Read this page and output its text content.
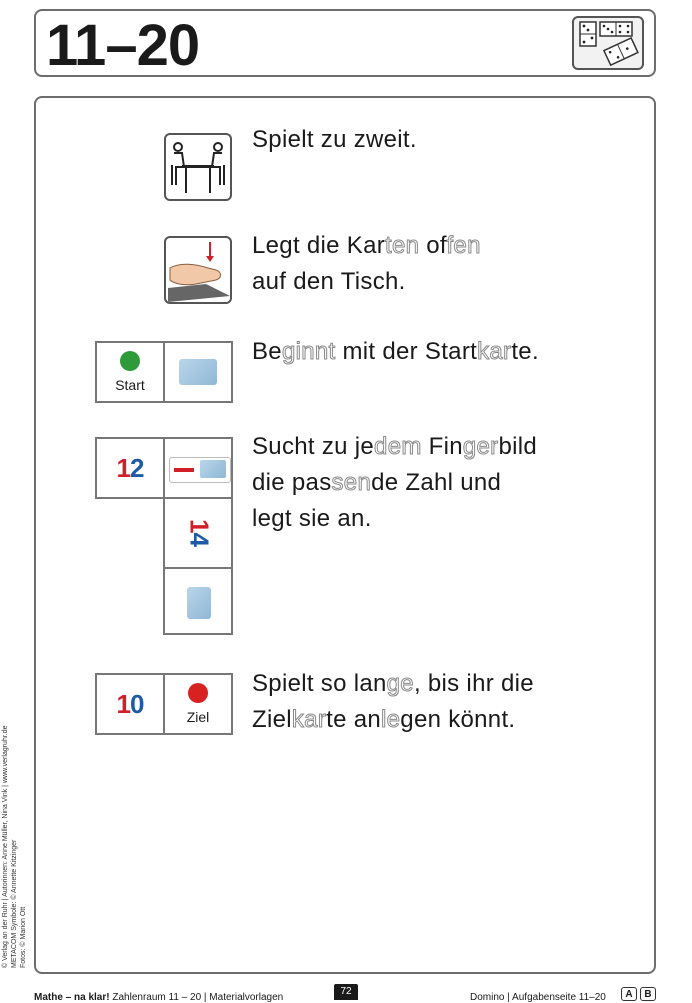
11–20
Spielt zu zweit.
Legt die Karten offen
auf den Tisch.
Start
Beginnt mit der Startkarte.
12
14
Sucht zu jedem Fingerbild
die passende Zahl und
legt sie an.
10	Ziel
Spielt so lange, bis ihr die
Zielkarte anlegen könnt.
© Verlag an der Ruhr | Autorinnen: Anne Müller, Nina Vink | www.verlagruhr.de METACOM Symbole: © Annette Kitzinger Fotos: © Marion Ott
Mathe – na klar! Zahlenraum 11 – 20 | Materialvorlagen	Domino | Aufgabenseite 11–20
72	A	B
